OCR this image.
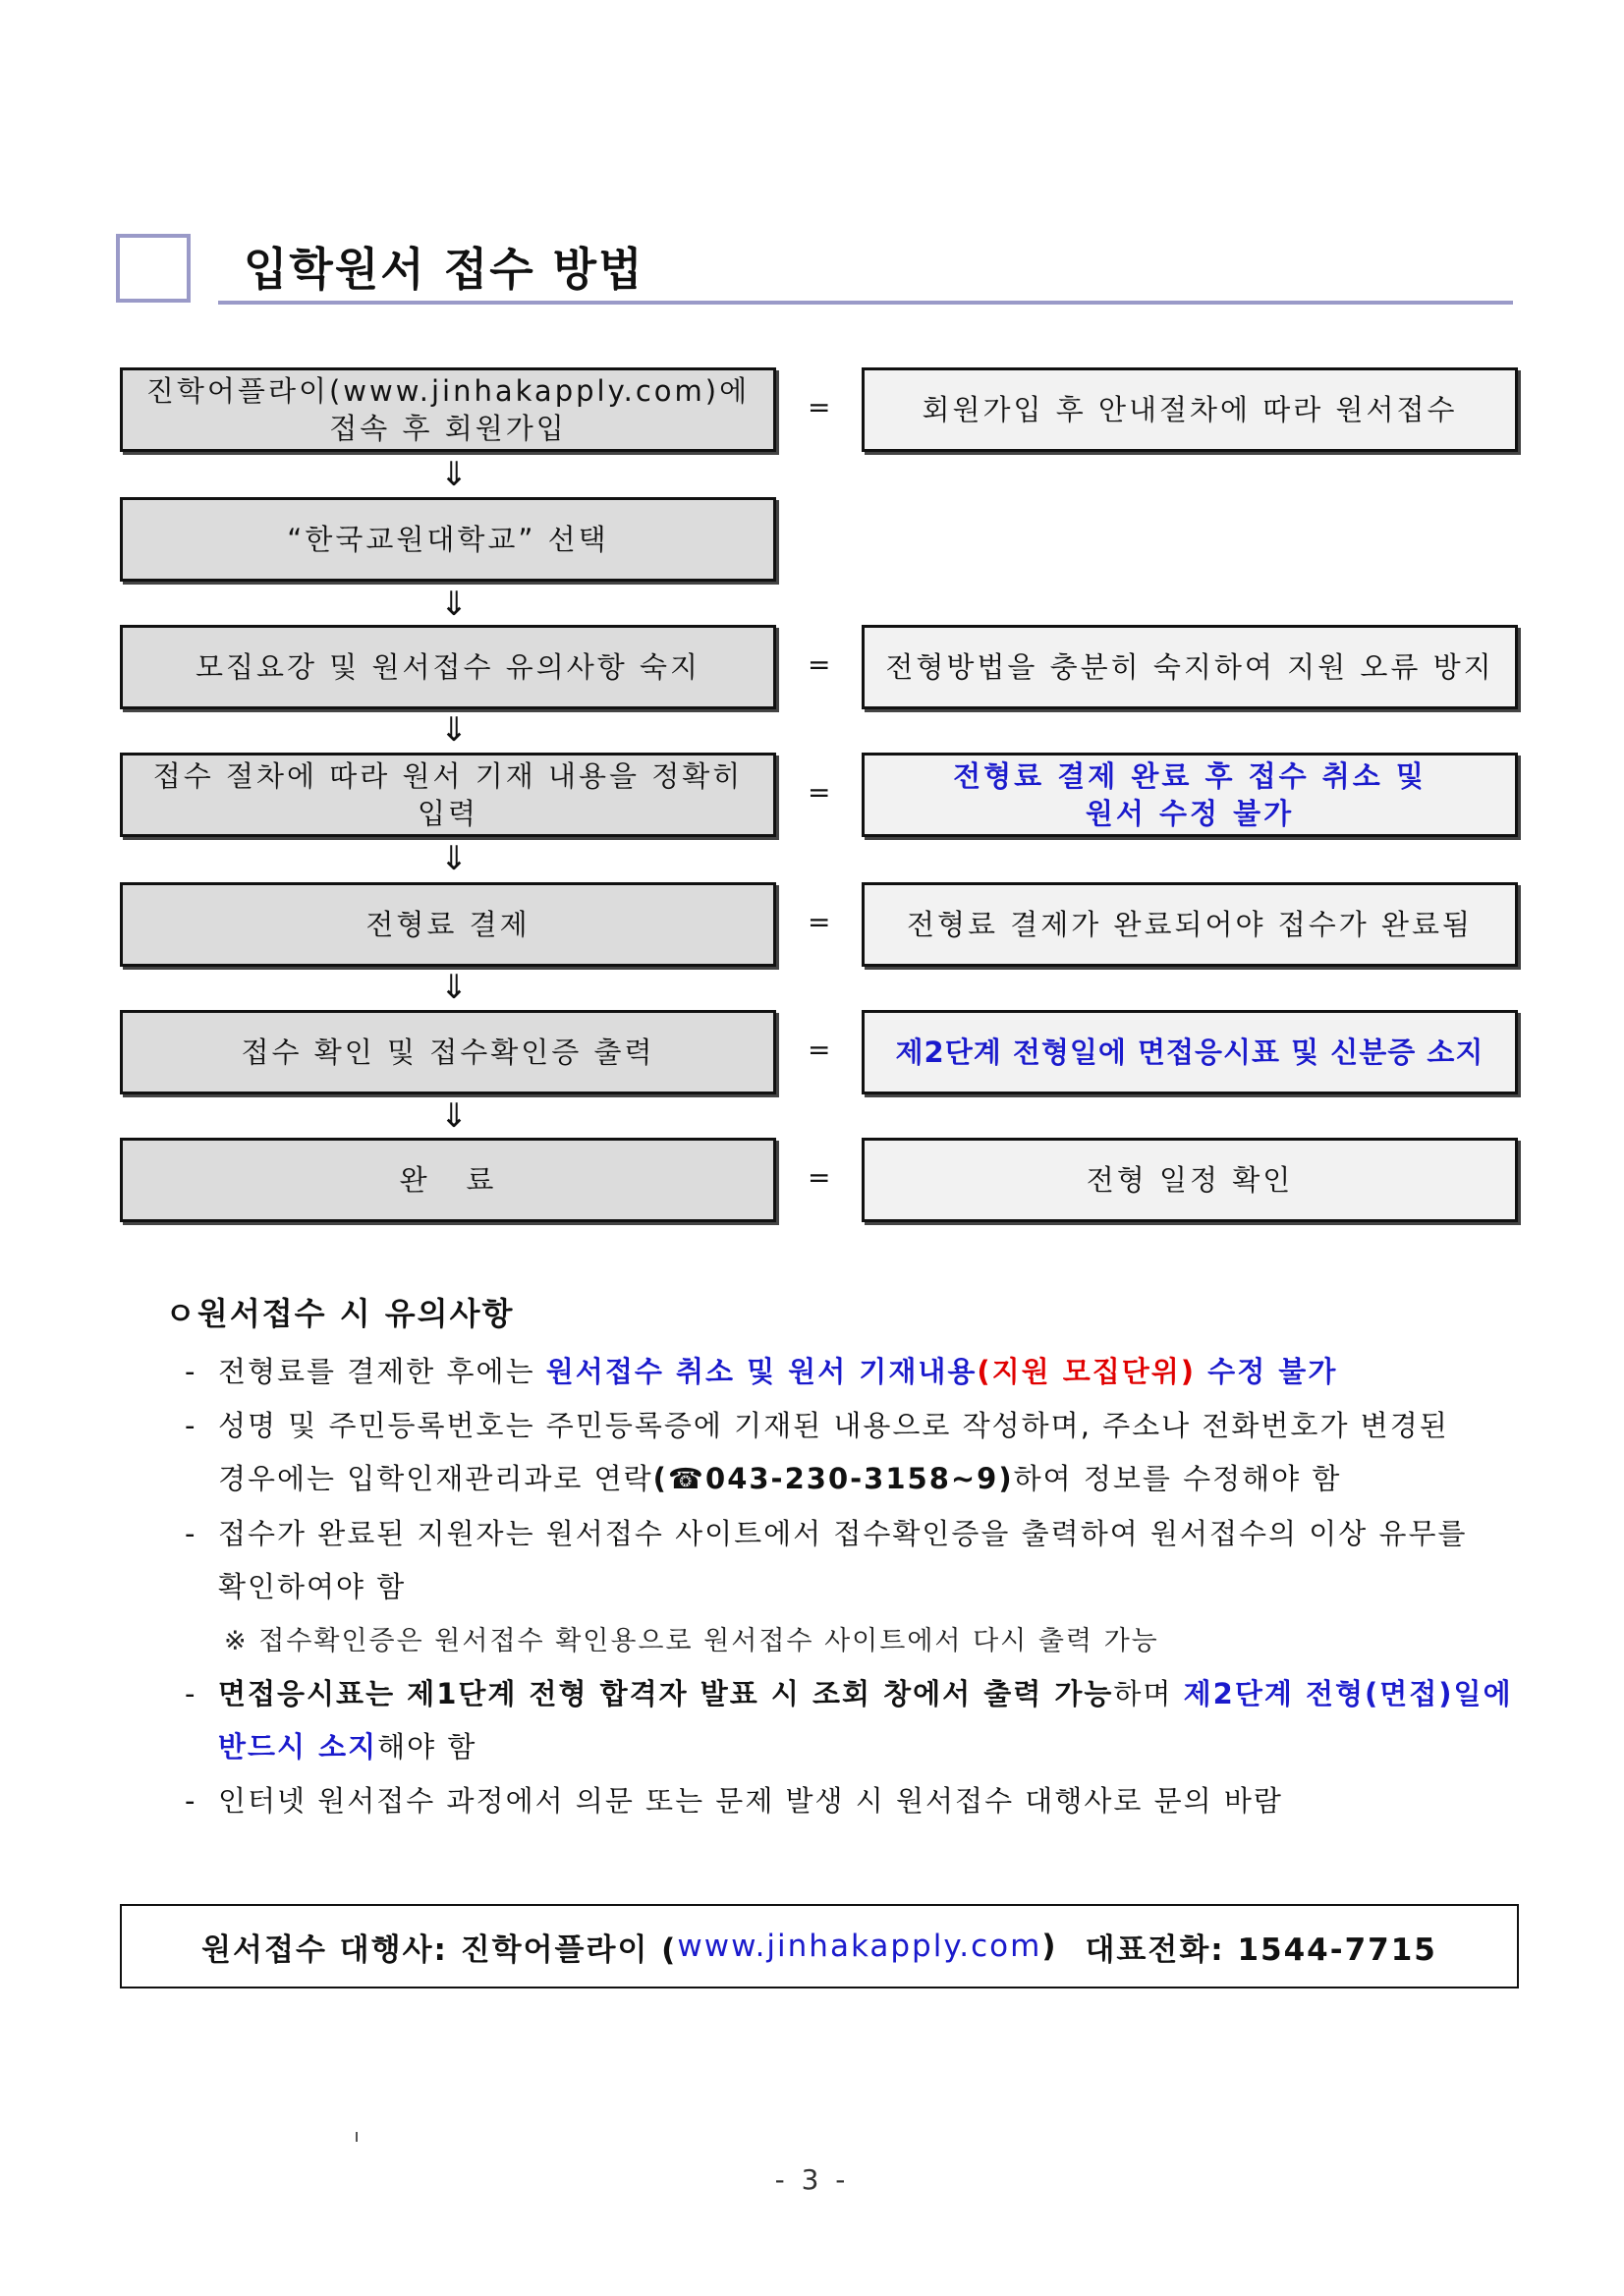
입학원서 접수 방법
진학어플라이(www.jinhakapply.com)에
접속 후 회원가입
=	회원가입 후 안내절차에 따라 원서접수
⇓
“한국교원대학교” 선택
⇓
모집요강 및 원서접수 유의사항 숙지	= 전형방법을 충분히 숙지하여 지원 오류 방지
⇓
접수 절차에 따라 원서 기재 내용을 정확히 입력
=	전형료 결제 완료 후 접수 취소 및
원서 수정 불가
⇓
전형료 결제	=	전형료 결제가 완료되어야 접수가 완료됨
⇓
접수 확인 및 접수확인증 출력	= 제2단계 전형일에 면접응시표 및 신분증 소지
⇓
완   료	=	전형 일정 확인
ㅇ원서접수 시 유의사항
- 전형료를 결제한 후에는 원서접수 취소 및 원서 기재내용(지원 모집단위) 수정 불가
- 성명 및 주민등록번호는 주민등록증에 기재된 내용으로 작성하며, 주소나 전화번호가 변경된
경우에는 입학인재관리과로 연락(☎043-230-3158~9)하여 정보를 수정해야 함
- 접수가 완료된 지원자는 원서접수 사이트에서 접수확인증을 출력하여 원서접수의 이상 유무를
확인하여야 함
※ 접수확인증은 원서접수 확인용으로 원서접수 사이트에서 다시 출력 가능
- 면접응시표는 제1단계 전형 합격자 발표 시 조회 창에서 출력 가능하며 제2단계 전형(면접)일에
반드시 소지해야 함
- 인터넷 원서접수 과정에서 의문 또는 문제 발생 시 원서접수 대행사로 문의 바람
원서접수 대행사: 진학어플라이 ( www.jinhakapply.com ) 대표전화: 1544-7715
- 3 -
